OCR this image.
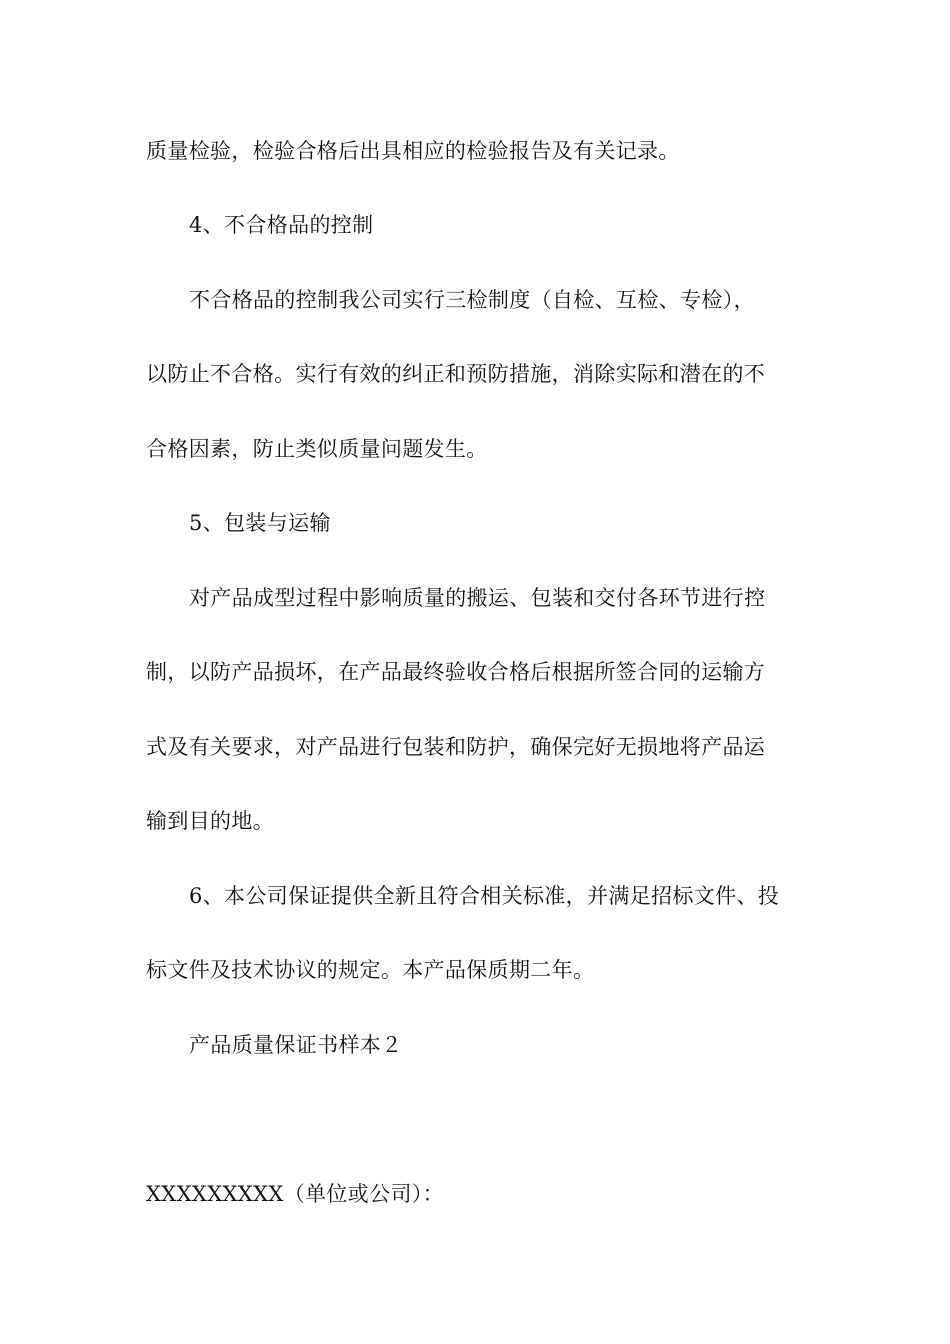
质量检验，检验合格后出具相应的检验报告及有关记录。
4、不合格品的控制
不合格品的控制我公司实行三检制度（自检、互检、专检），
以防止不合格。实行有效的纠正和预防措施，消除实际和潜在的不
合格因素，防止类似质量问题发生。
5、包装与运输
对产品成型过程中影响质量的搬运、包装和交付各环节进行控
制，以防产品损坏，在产品最终验收合格后根据所签合同的运输方
式及有关要求，对产品进行包装和防护，确保完好无损地将产品运
输到目的地。
6、本公司保证提供全新且符合相关标准，并满足招标文件、投
标文件及技术协议的规定。本产品保质期二年。
产品质量保证书样本２
XXXXXXXXX（单位或公司）：
